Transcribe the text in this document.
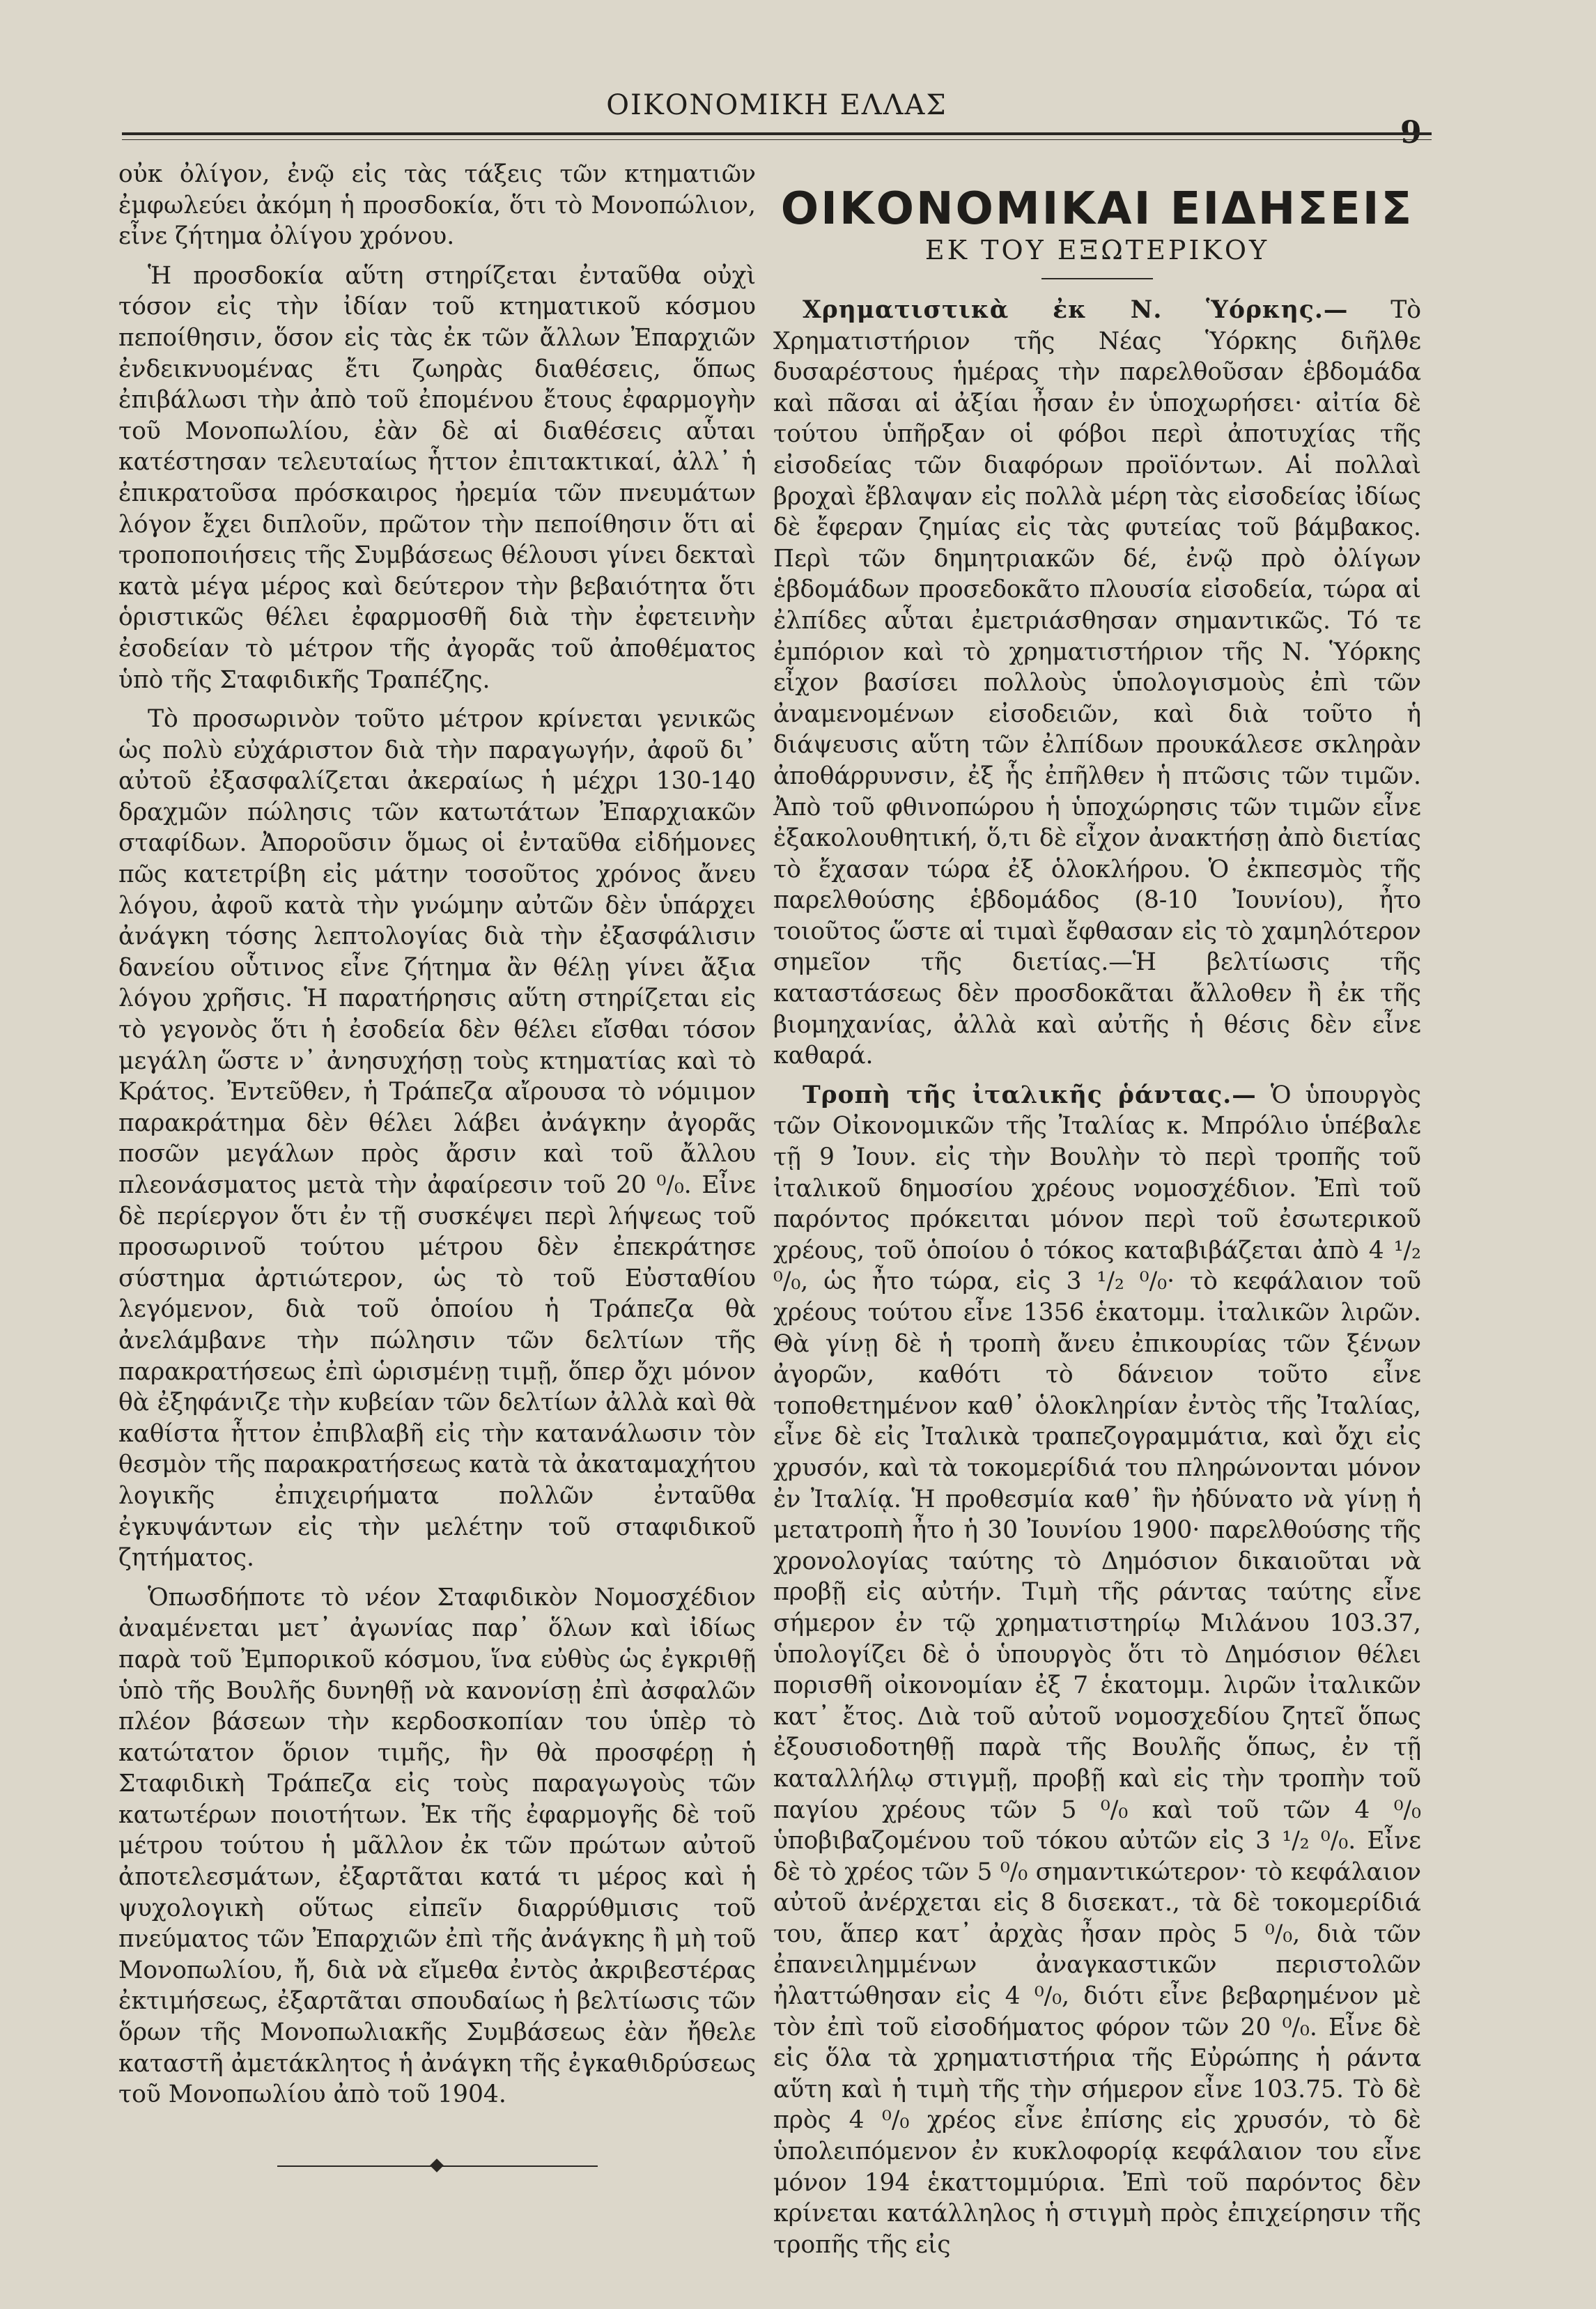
ΟΙΚΟΝΟΜΙΚΗ ΕΛΛΑΣ
9

οὐκ ὀλίγον, ἐνῷ εἰς τὰς τάξεις τῶν κτηματιῶν ἐμφωλεύει ἀκόμη ἡ προσδοκία, ὅτι τὸ Μονοπώλιον, εἶνε ζήτημα ὀλίγου χρόνου.

Ἡ προσδοκία αὕτη στηρίζεται ἐνταῦθα οὐχὶ τόσον εἰς τὴν ἰδίαν τοῦ κτηματικοῦ κόσμου πεποίθησιν, ὅσον εἰς τὰς ἐκ τῶν ἄλλων Ἐπαρχιῶν ἐνδεικνυομένας ἔτι ζωηρὰς διαθέσεις, ὅπως ἐπιβάλωσι τὴν ἀπὸ τοῦ ἐπομένου ἔτους ἐφαρμογὴν τοῦ Μονοπωλίου, ἐὰν δὲ αἱ διαθέσεις αὗται κατέστησαν τελευταίως ἧττον ἐπιτακτικαί, ἀλλ᾽ ἡ ἐπικρατοῦσα πρόσκαιρος ἠρεμία τῶν πνευμάτων λόγον ἔχει διπλοῦν, πρῶτον τὴν πεποίθησιν ὅτι αἱ τροποποιήσεις τῆς Συμβάσεως θέλουσι γίνει δεκταὶ κατὰ μέγα μέρος καὶ δεύτερον τὴν βεβαιότητα ὅτι ὁριστικῶς θέλει ἐφαρμοσθῆ διὰ τὴν ἐφετεινὴν ἐσοδείαν τὸ μέτρον τῆς ἀγορᾶς τοῦ ἀποθέματος ὑπὸ τῆς Σταφιδικῆς Τραπέζης.

Τὸ προσωρινὸν τοῦτο μέτρον κρίνεται γενικῶς ὡς πολὺ εὐχάριστον διὰ τὴν παραγωγήν, ἀφοῦ δι᾽ αὐτοῦ ἐξασφαλίζεται ἀκεραίως ἡ μέχρι 130-140 δραχμῶν πώλησις τῶν κατωτάτων Ἐπαρχιακῶν σταφίδων. Ἀποροῦσιν ὅμως οἱ ἐνταῦθα εἰδήμονες πῶς κατετρίβη εἰς μάτην τοσοῦτος χρόνος ἄνευ λόγου, ἀφοῦ κατὰ τὴν γνώμην αὐτῶν δὲν ὑπάρχει ἀνάγκη τόσης λεπτολογίας διὰ τὴν ἐξασφάλισιν δανείου οὗτινος εἶνε ζήτημα ἂν θέλῃ γίνει ἄξια λόγου χρῆσις. Ἡ παρατήρησις αὕτη στηρίζεται εἰς τὸ γεγονὸς ὅτι ἡ ἐσοδεία δὲν θέλει εἴσθαι τόσον μεγάλη ὥστε ν᾽ ἀνησυχήσῃ τοὺς κτηματίας καὶ τὸ Κράτος. Ἐντεῦθεν, ἡ Τράπεζα αἴρουσα τὸ νόμιμον παρακράτημα δὲν θέλει λάβει ἀνάγκην ἀγορᾶς ποσῶν μεγάλων πρὸς ἄρσιν καὶ τοῦ ἄλλου πλεονάσματος μετὰ τὴν ἀφαίρεσιν τοῦ 20 ⁰/₀. Εἶνε δὲ περίεργον ὅτι ἐν τῇ συσκέψει περὶ λήψεως τοῦ προσωρινοῦ τούτου μέτρου δὲν ἐπεκράτησε σύστημα ἀρτιώτερον, ὡς τὸ τοῦ Εὐσταθίου λεγόμενον, διὰ τοῦ ὁποίου ἡ Τράπεζα θὰ ἀνελάμβανε τὴν πώλησιν τῶν δελτίων τῆς παρακρατήσεως ἐπὶ ὡρισμένῃ τιμῇ, ὅπερ ὄχι μόνον θὰ ἐξηφάνιζε τὴν κυβείαν τῶν δελτίων ἀλλὰ καὶ θὰ καθίστα ἧττον ἐπιβλαβῆ εἰς τὴν κατανάλωσιν τὸν θεσμὸν τῆς παρακρατήσεως κατὰ τὰ ἀκαταμαχήτου λογικῆς ἐπιχειρήματα πολλῶν ἐνταῦθα ἐγκυψάντων εἰς τὴν μελέτην τοῦ σταφιδικοῦ ζητήματος.

Ὁπωσδήποτε τὸ νέον Σταφιδικὸν Νομοσχέδιον ἀναμένεται μετ᾽ ἀγωνίας παρ᾽ ὅλων καὶ ἰδίως παρὰ τοῦ Ἐμπορικοῦ κόσμου, ἵνα εὐθὺς ὡς ἐγκριθῇ ὑπὸ τῆς Βουλῆς δυνηθῇ νὰ κανονίσῃ ἐπὶ ἀσφαλῶν πλέον βάσεων τὴν κερδοσκοπίαν του ὑπὲρ τὸ κατώτατον ὅριον τιμῆς, ἣν θὰ προσφέρῃ ἡ Σταφιδικὴ Τράπεζα εἰς τοὺς παραγωγοὺς τῶν κατωτέρων ποιοτήτων. Ἐκ τῆς ἐφαρμογῆς δὲ τοῦ μέτρου τούτου ἡ μᾶλλον ἐκ τῶν πρώτων αὐτοῦ ἀποτελεσμάτων, ἐξαρτᾶται κατά τι μέρος καὶ ἡ ψυχολογικὴ οὕτως εἰπεῖν διαρρύθμισις τοῦ πνεύματος τῶν Ἐπαρχιῶν ἐπὶ τῆς ἀνάγκης ἢ μὴ τοῦ Μονοπωλίου, ἤ, διὰ νὰ εἴμεθα ἐντὸς ἀκριβεστέρας ἐκτιμήσεως, ἐξαρτᾶται σπουδαίως ἡ βελτίωσις τῶν ὅρων τῆς Μονοπωλιακῆς Συμβάσεως ἐὰν ἤθελε καταστῆ ἀμετάκλητος ἡ ἀνάγκη τῆς ἐγκαθιδρύσεως τοῦ Μονοπωλίου ἀπὸ τοῦ 1904.

ΟΙΚΟΝΟΜΙΚΑΙ ΕΙΔΗΣΕΙΣ
ΕΚ ΤΟΥ ΕΞΩΤΕΡΙΚΟΥ

Χρηματιστικὰ ἐκ Ν. Ὑόρκης.— Τὸ Χρηματιστήριον τῆς Νέας Ὑόρκης διῆλθε δυσαρέστους ἡμέρας τὴν παρελθοῦσαν ἑβδομάδα καὶ πᾶσαι αἱ ἀξίαι ἦσαν ἐν ὑποχωρήσει· αἰτία δὲ τούτου ὑπῆρξαν οἱ φόβοι περὶ ἀποτυχίας τῆς εἰσοδείας τῶν διαφόρων προϊόντων. Αἱ πολλαὶ βροχαὶ ἔβλαψαν εἰς πολλὰ μέρη τὰς εἰσοδείας ἰδίως δὲ ἔφεραν ζημίας εἰς τὰς φυτείας τοῦ βάμβακος. Περὶ τῶν δημητριακῶν δέ, ἐνῷ πρὸ ὀλίγων ἑβδομάδων προσεδοκᾶτο πλουσία εἰσοδεία, τώρα αἱ ἐλπίδες αὗται ἐμετριάσθησαν σημαντικῶς. Τό τε ἐμπόριον καὶ τὸ χρηματιστήριον τῆς Ν. Ὑόρκης εἶχον βασίσει πολλοὺς ὑπολογισμοὺς ἐπὶ τῶν ἀναμενομένων εἰσοδειῶν, καὶ διὰ τοῦτο ἡ διάψευσις αὕτη τῶν ἐλπίδων προυκάλεσε σκληρὰν ἀποθάρρυνσιν, ἐξ ἧς ἐπῆλθεν ἡ πτῶσις τῶν τιμῶν. Ἀπὸ τοῦ φθινοπώρου ἡ ὑποχώρησις τῶν τιμῶν εἶνε ἐξακολουθητική, ὅ,τι δὲ εἶχον ἀνακτήσῃ ἀπὸ διετίας τὸ ἔχασαν τώρα ἐξ ὁλοκλήρου. Ὁ ἐκπεσμὸς τῆς παρελθούσης ἑβδομάδος (8-10 Ἰουνίου), ἦτο τοιοῦτος ὥστε αἱ τιμαὶ ἔφθασαν εἰς τὸ χαμηλότερον σημεῖον τῆς διετίας.—Ἡ βελτίωσις τῆς καταστάσεως δὲν προσδοκᾶται ἄλλοθεν ἢ ἐκ τῆς βιομηχανίας, ἀλλὰ καὶ αὐτῆς ἡ θέσις δὲν εἶνε καθαρά.

Τροπὴ τῆς ἰταλικῆς ῥάντας.— Ὁ ὑπουργὸς τῶν Οἰκονομικῶν τῆς Ἰταλίας κ. Μπρόλιο ὑπέβαλε τῇ 9 Ἰουν. εἰς τὴν Βουλὴν τὸ περὶ τροπῆς τοῦ ἰταλικοῦ δημοσίου χρέους νομοσχέδιον. Ἐπὶ τοῦ παρόντος πρόκειται μόνον περὶ τοῦ ἐσωτερικοῦ χρέους, τοῦ ὁποίου ὁ τόκος καταβιβάζεται ἀπὸ 4 ¹/₂ ⁰/₀, ὡς ἦτο τώρα, εἰς 3 ¹/₂ ⁰/₀· τὸ κεφάλαιον τοῦ χρέους τούτου εἶνε 1356 ἑκατομμ. ἰταλικῶν λιρῶν. Θὰ γίνῃ δὲ ἡ τροπὴ ἄνευ ἐπικουρίας τῶν ξένων ἀγορῶν, καθότι τὸ δάνειον τοῦτο εἶνε τοποθετημένον καθ᾽ ὁλοκληρίαν ἐντὸς τῆς Ἰταλίας, εἶνε δὲ εἰς Ἰταλικὰ τραπεζογραμμάτια, καὶ ὄχι εἰς χρυσόν, καὶ τὰ τοκομερίδιά του πληρώνονται μόνον ἐν Ἰταλίᾳ. Ἡ προθεσμία καθ᾽ ἣν ἠδύνατο νὰ γίνῃ ἡ μετατροπὴ ἦτο ἡ 30 Ἰουνίου 1900· παρελθούσης τῆς χρονολογίας ταύτης τὸ Δημόσιον δικαιοῦται νὰ προβῇ εἰς αὐτήν. Τιμὴ τῆς ράντας ταύτης εἶνε σήμερον ἐν τῷ χρηματιστηρίῳ Μιλάνου 103.37, ὑπολογίζει δὲ ὁ ὑπουργὸς ὅτι τὸ Δημόσιον θέλει πορισθῆ οἰκονομίαν ἐξ 7 ἑκατομμ. λιρῶν ἰταλικῶν κατ᾽ ἔτος. Διὰ τοῦ αὐτοῦ νομοσχεδίου ζητεῖ ὅπως ἐξουσιοδοτηθῇ παρὰ τῆς Βουλῆς ὅπως, ἐν τῇ καταλλήλῳ στιγμῇ, προβῇ καὶ εἰς τὴν τροπὴν τοῦ παγίου χρέους τῶν 5 ⁰/₀ καὶ τοῦ τῶν 4 ⁰/₀ ὑποβιβαζομένου τοῦ τόκου αὐτῶν εἰς 3 ¹/₂ ⁰/₀. Εἶνε δὲ τὸ χρέος τῶν 5 ⁰/₀ σημαντικώτερον· τὸ κεφάλαιον αὐτοῦ ἀνέρχεται εἰς 8 δισεκατ., τὰ δὲ τοκομερίδιά του, ἅπερ κατ᾽ ἀρχὰς ἦσαν πρὸς 5 ⁰/₀, διὰ τῶν ἐπανειλημμένων ἀναγκαστικῶν περιστολῶν ἠλαττώθησαν εἰς 4 ⁰/₀, διότι εἶνε βεβαρημένον μὲ τὸν ἐπὶ τοῦ εἰσοδήματος φόρον τῶν 20 ⁰/₀. Εἶνε δὲ εἰς ὅλα τὰ χρηματιστήρια τῆς Εὐρώπης ἡ ράντα αὕτη καὶ ἡ τιμὴ τῆς τὴν σήμερον εἶνε 103.75. Τὸ δὲ πρὸς 4 ⁰/₀ χρέος εἶνε ἐπίσης εἰς χρυσόν, τὸ δὲ ὑπολειπόμενον ἐν κυκλοφορίᾳ κεφάλαιον του εἶνε μόνον 194 ἑκαττομμύρια. Ἐπὶ τοῦ παρόντος δὲν κρίνεται κατάλληλος ἡ στιγμὴ πρὸς ἐπιχείρησιν τῆς τροπῆς τῆς εἰς
